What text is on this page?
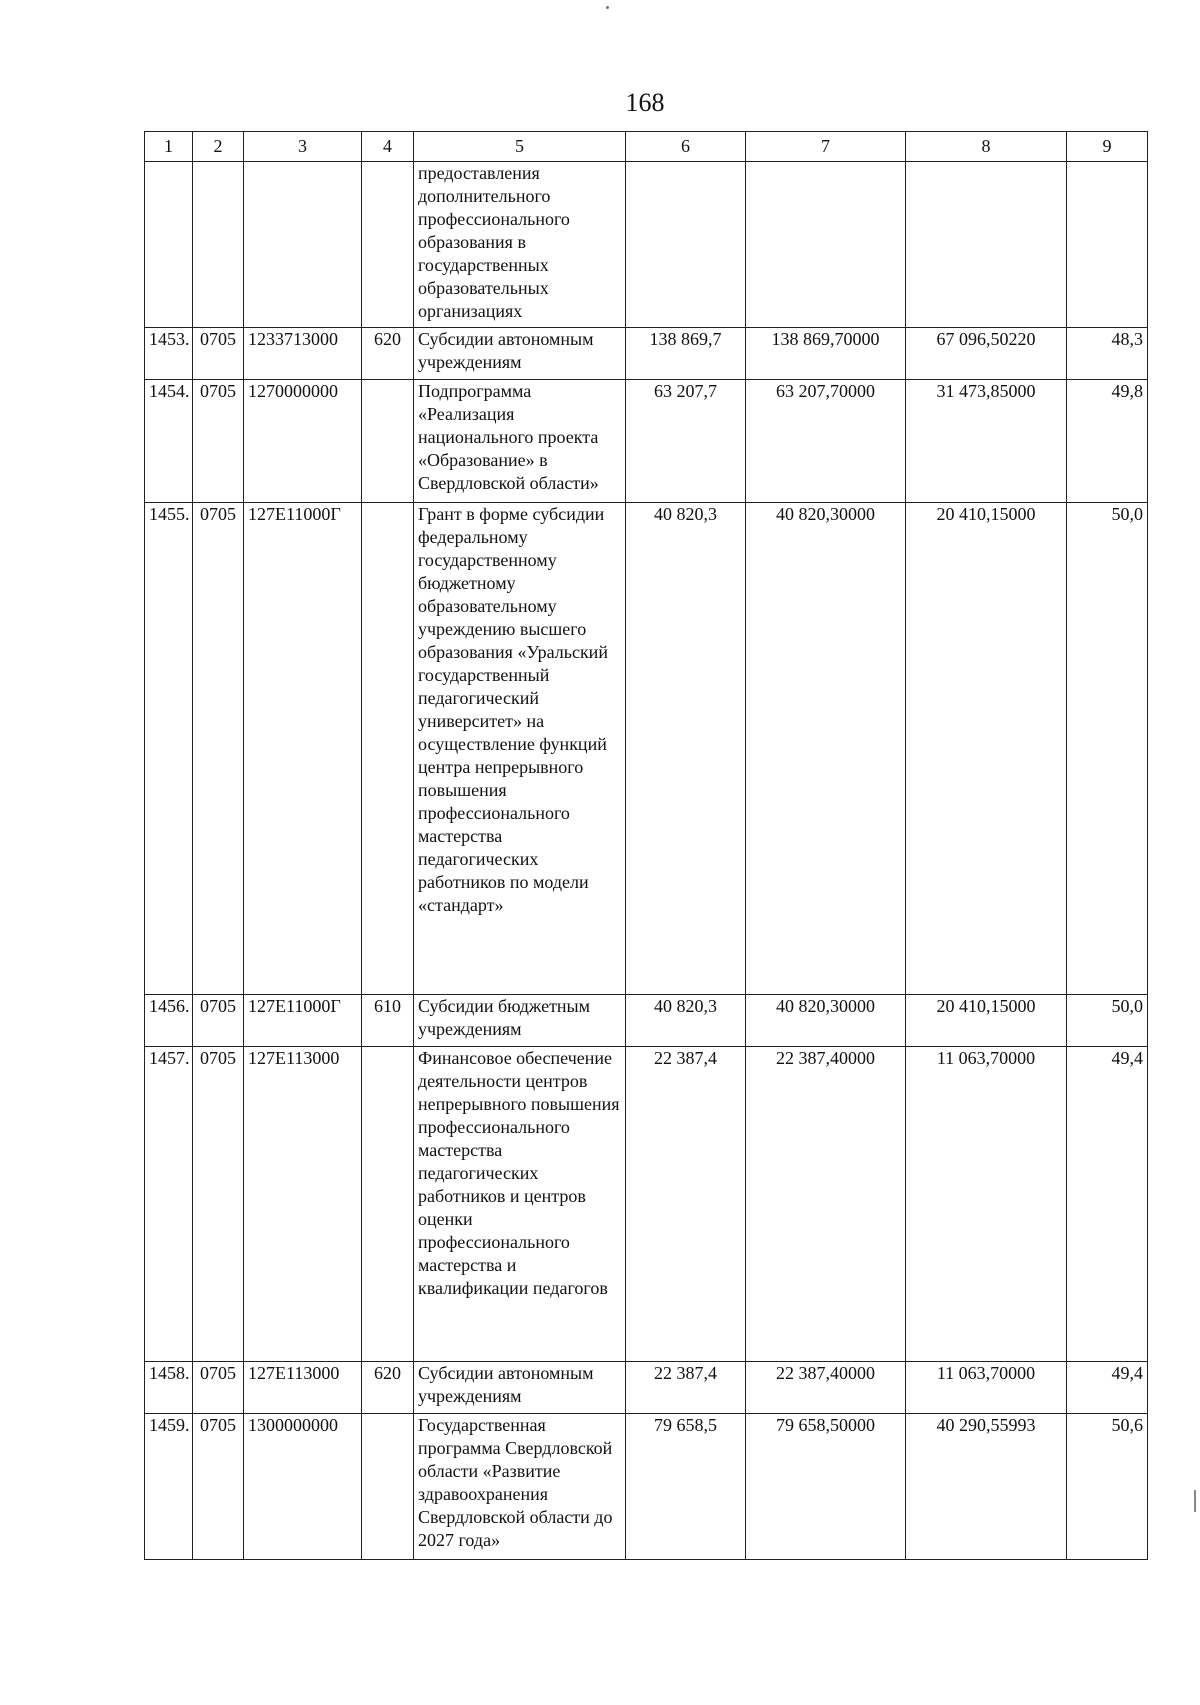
168
1	2	3	4	5	6	7	8	9
				предоставления дополнительного профессионального образования в государственных образовательных организациях				
1453.	0705	1233713000	620	Субсидии автономным учреждениям	138 869,7	138 869,70000	67 096,50220	48,3
1454.	0705	1270000000		Подпрограмма «Реализация национального проекта «Образование» в Свердловской области»	63 207,7	63 207,70000	31 473,85000	49,8
1455.	0705	127E11000Г		Грант в форме субсидии федеральному государственному бюджетному образовательному учреждению высшего образования «Уральский государственный педагогический университет» на осуществление функций центра непрерывного повышения профессионального мастерства педагогических работников по модели «стандарт»	40 820,3	40 820,30000	20 410,15000	50,0
1456.	0705	127E11000Г	610	Субсидии бюджетным учреждениям	40 820,3	40 820,30000	20 410,15000	50,0
1457.	0705	127E113000		Финансовое обеспечение деятельности центров непрерывного повышения профессионального мастерства педагогических работников и центров оценки профессионального мастерства и квалификации педагогов	22 387,4	22 387,40000	11 063,70000	49,4
1458.	0705	127E113000	620	Субсидии автономным учреждениям	22 387,4	22 387,40000	11 063,70000	49,4
1459.	0705	1300000000		Государственная программа Свердловской области «Развитие здравоохранения Свердловской области до 2027 года»	79 658,5	79 658,50000	40 290,55993	50,6
